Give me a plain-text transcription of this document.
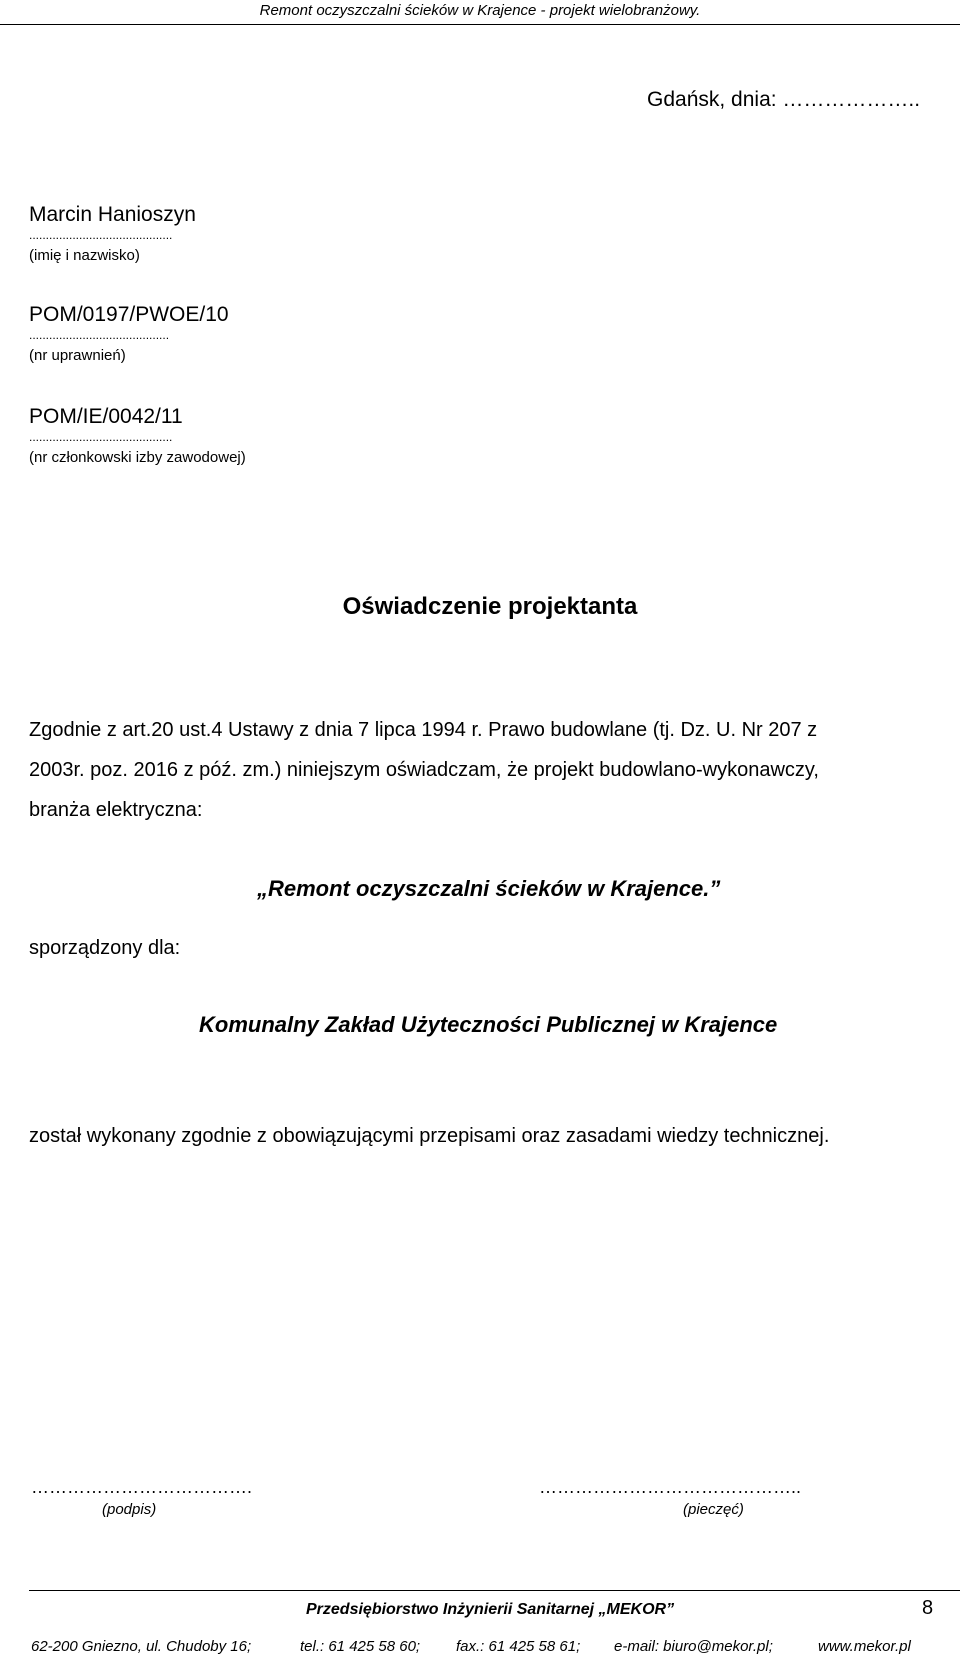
Remont oczyszczalni ścieków w Krajence - projekt wielobranżowy.
Gdańsk, dnia: ………………..
Marcin Hanioszyn
...........................................
(imię i nazwisko)
POM/0197/PWOE/10
..........................................
(nr uprawnień)
POM/IE/0042/11
...........................................
(nr członkowski izby zawodowej)
Oświadczenie projektanta
Zgodnie z art.20 ust.4 Ustawy z dnia 7 lipca 1994 r. Prawo budowlane (tj. Dz. U. Nr 207 z
2003r. poz. 2016 z póź. zm.) niniejszym oświadczam, że projekt budowlano-wykonawczy,
branża elektryczna:
„Remont oczyszczalni ścieków w Krajence.”
sporządzony dla:
Komunalny Zakład Użyteczności Publicznej w Krajence
został wykonany zgodnie z obowiązującymi przepisami oraz zasadami wiedzy technicznej.
……………………………….
(podpis)
……………………………………..
(pieczęć)
Przedsiębiorstwo Inżynierii Sanitarnej „MEKOR”	8
62-200 Gniezno, ul. Chudoby 16;	tel.: 61 425 58 60; fax.: 61 425 58 61; e-mail: biuro@mekor.pl;	www.mekor.pl
